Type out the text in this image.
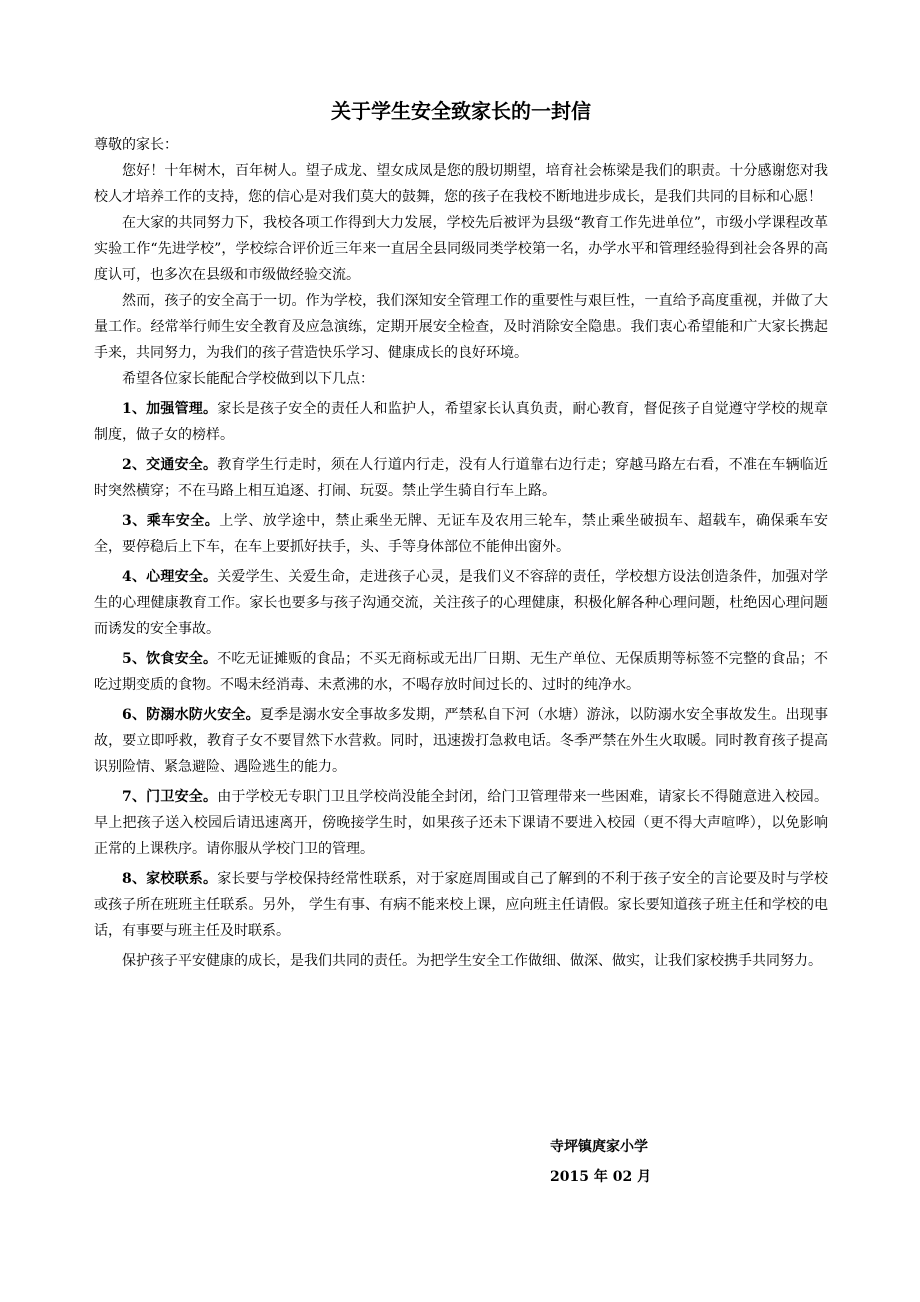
关于学生安全致家长的一封信
尊敬的家长：

您好！十年树木，百年树人。望子成龙、望女成凤是您的殷切期望，培育社会栋梁是我们的职责。十分感谢您对我校人才培养工作的支持，您的信心是对我们莫大的鼓舞，您的孩子在我校不断地进步成长，是我们共同的目标和心愿！

在大家的共同努力下，我校各项工作得到大力发展，学校先后被评为县级“教育工作先进单位”，市级小学课程改革实验工作“先进学校”，学校综合评价近三年来一直居全县同级同类学校第一名，办学水平和管理经验得到社会各界的高度认可，也多次在县级和市级做经验交流。

然而，孩子的安全高于一切。作为学校，我们深知安全管理工作的重要性与艰巨性，一直给予高度重视，并做了大量工作。经常举行师生安全教育及应急演练，定期开展安全检查，及时消除安全隐患。我们衷心希望能和广大家长携起手来，共同努力，为我们的孩子营造快乐学习、健康成长的良好环境。

希望各位家长能配合学校做到以下几点：

1、加强管理。家长是孩子安全的责任人和监护人，希望家长认真负责，耐心教育，督促孩子自觉遵守学校的规章制度，做子女的榜样。

2、交通安全。教育学生行走时，须在人行道内行走，没有人行道靠右边行走；穿越马路左右看，不准在车辆临近时突然横穿；不在马路上相互追逐、打闹、玩耍。禁止学生骑自行车上路。

3、乘车安全。上学、放学途中，禁止乘坐无牌、无证车及农用三轮车，禁止乘坐破损车、超载车，确保乘车安全，要停稳后上下车，在车上要抓好扶手，头、手等身体部位不能伸出窗外。

4、心理安全。关爱学生、关爱生命，走进孩子心灵，是我们义不容辞的责任，学校想方设法创造条件，加强对学生的心理健康教育工作。家长也要多与孩子沟通交流，关注孩子的心理健康，积极化解各种心理问题，杜绝因心理问题而诱发的安全事故。

5、饮食安全。不吃无证摊贩的食品；不买无商标或无出厂日期、无生产单位、无保质期等标签不完整的食品；不吃过期变质的食物。不喝未经消毒、未煮沸的水，不喝存放时间过长的、过时的纯净水。

6、防溺水防火安全。夏季是溺水安全事故多发期，严禁私自下河（水塘）游泳，以防溺水安全事故发生。出现事故，要立即呼救，教育子女不要冒然下水营救。同时，迅速拨打急救电话。冬季严禁在外生火取暖。同时教育孩子提高识别险情、紧急避险、遇险逃生的能力。

7、门卫安全。由于学校无专职门卫且学校尚没能全封闭，给门卫管理带来一些困难，请家长不得随意进入校园。早上把孩子送入校园后请迅速离开，傍晚接学生时，如果孩子还未下课请不要进入校园（更不得大声喧哗），以免影响正常的上课秩序。请你服从学校门卫的管理。

8、家校联系。家长要与学校保持经常性联系，对于家庭周围或自己了解到的不利于孩子安全的言论要及时与学校或孩子所在班班主任联系。另外， 学生有事、有病不能来校上课，应向班主任请假。家长要知道孩子班主任和学校的电话，有事要与班主任及时联系。

保护孩子平安健康的成长，是我们共同的责任。为把学生安全工作做细、做深、做实，让我们家校携手共同努力。

寺坪镇庹家小学
2015 年 02 月
